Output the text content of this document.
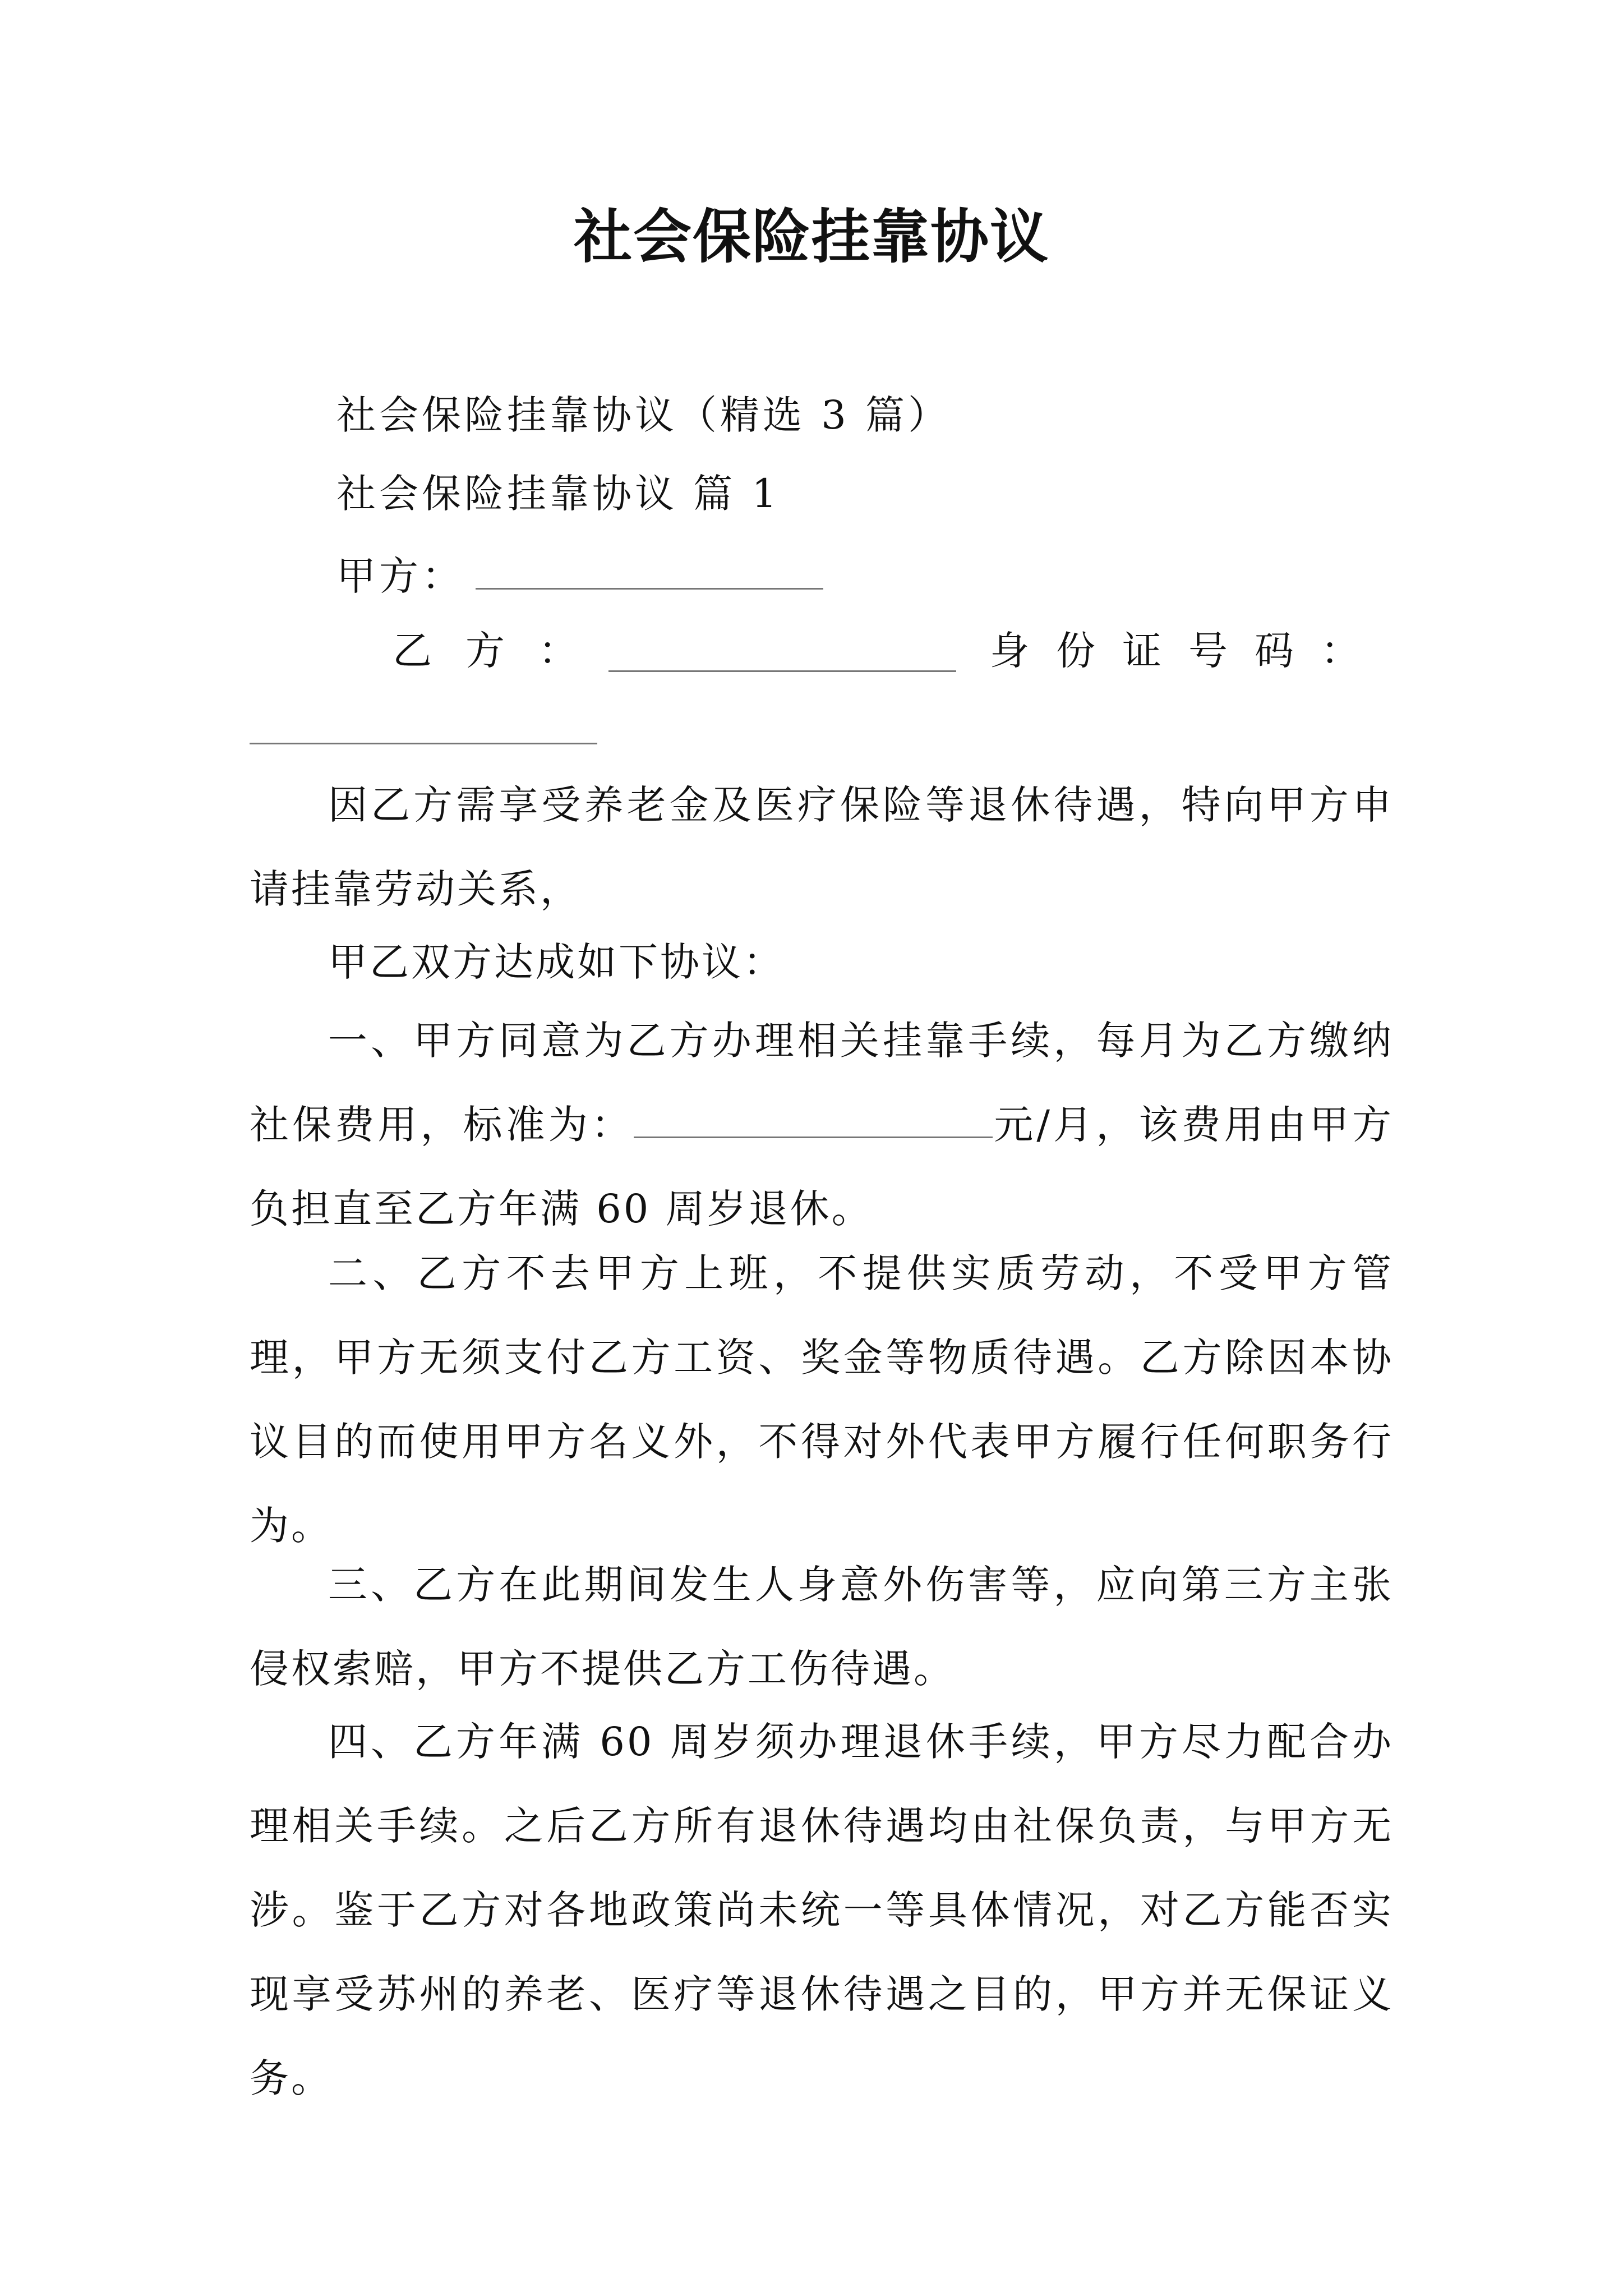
社会保险挂靠协议
社会保险挂靠协议（精选 3 篇）
社会保险挂靠协议 篇 1
甲方：
乙方：	身份证号码：
因乙方需享受养老金及医疗保险等退休待遇，特向甲方申请挂靠劳动关系，
甲乙双方达成如下协议：
一、甲方同意为乙方办理相关挂靠手续，每月为乙方缴纳社保费用，标准为：	元/月，该费用由甲方负担直至乙方年满 60 周岁退休。
二、乙方不去甲方上班，不提供实质劳动，不受甲方管理，甲方无须支付乙方工资、奖金等物质待遇。乙方除因本协议目的而使用甲方名义外，不得对外代表甲方履行任何职务行为。
三、乙方在此期间发生人身意外伤害等，应向第三方主张侵权索赔，甲方不提供乙方工伤待遇。
四、乙方年满 60 周岁须办理退休手续，甲方尽力配合办理相关手续。之后乙方所有退休待遇均由社保负责，与甲方无涉。鉴于乙方对各地政策尚未统一等具体情况，对乙方能否实现享受苏州的养老、医疗等退休待遇之目的，甲方并无保证义务。
